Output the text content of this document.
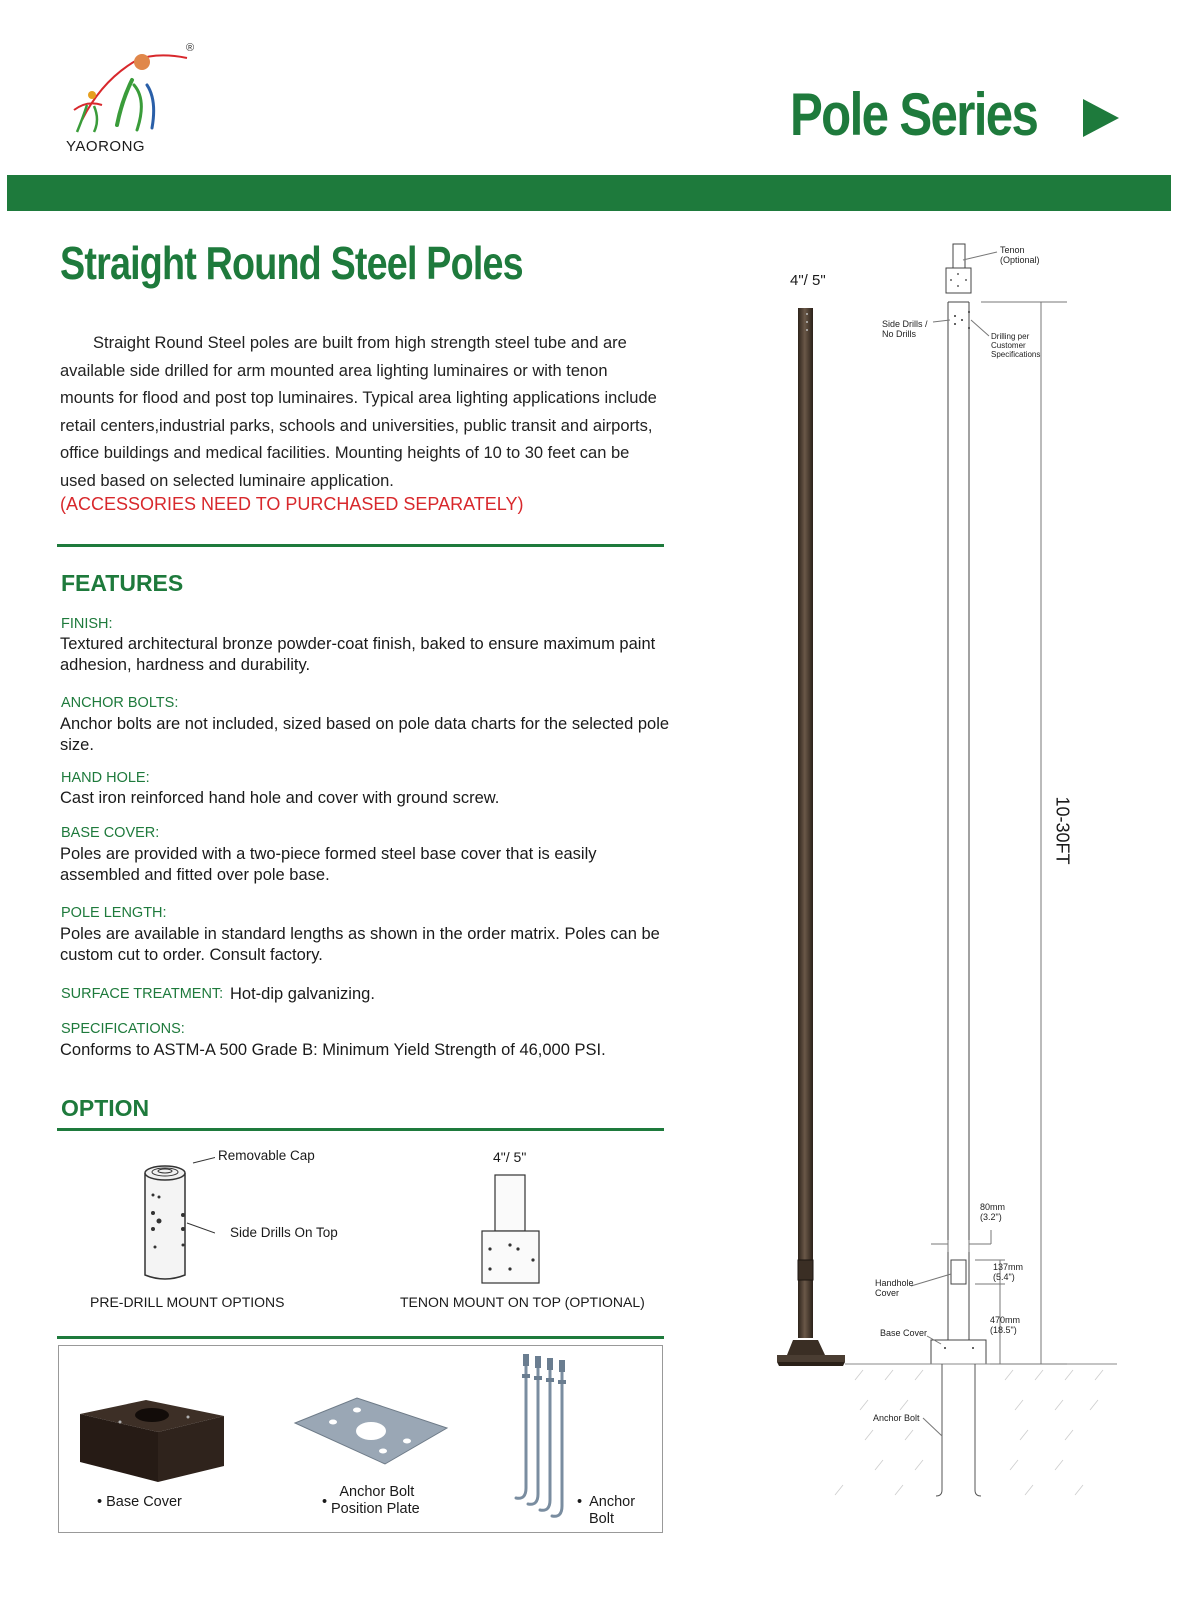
®
YAORONG	Pole Series
Straight Round Steel Poles
Straight Round Steel poles are built from high strength steel tube and are available side drilled for arm mounted area lighting luminaires or with tenon mounts for flood and post top luminaires. Typical area lighting applications include retail centers,industrial parks, schools and universities, public transit and airports, office buildings and medical facilities. Mounting heights of 10 to 30 feet can be used based on selected luminaire application.
(ACCESSORIES NEED TO PURCHASED SEPARATELY)
FEATURES
FINISH:
Textured architectural bronze powder-coat finish, baked to ensure maximum paint adhesion, hardness and durability.
ANCHOR BOLTS:
Anchor bolts are not included, sized based on pole data charts for the selected pole size.
HAND HOLE:
Cast iron reinforced hand hole and cover with ground screw.
BASE COVER:
Poles are provided with a two-piece formed steel base cover that is easily assembled and fitted over pole base.
POLE LENGTH:
Poles are available in standard lengths as shown in the order matrix. Poles can be custom cut to order. Consult factory.
SURFACE TREATMENT: Hot-dip galvanizing.
SPECIFICATIONS:
Conforms to ASTM-A 500 Grade B: Minimum Yield Strength of 46,000 PSI.
OPTION
Removable Cap
Side Drills On Top
PRE-DRILL MOUNT OPTIONS
4"/ 5"
TENON MOUNT ON TOP (OPTIONAL)
• Base Cover	•
Anchor Bolt
Position Plate	• Anchor
Bolt
4"/ 5"
Tenon
(Optional)
Side Drills /
No Drills	Drilling per
Customer
Specifications
10-30FT
80mm
(3.2")
137mm
(5.4")
470mm
(18.5")
Handhole
Cover
Base Cover
Anchor Bolt
